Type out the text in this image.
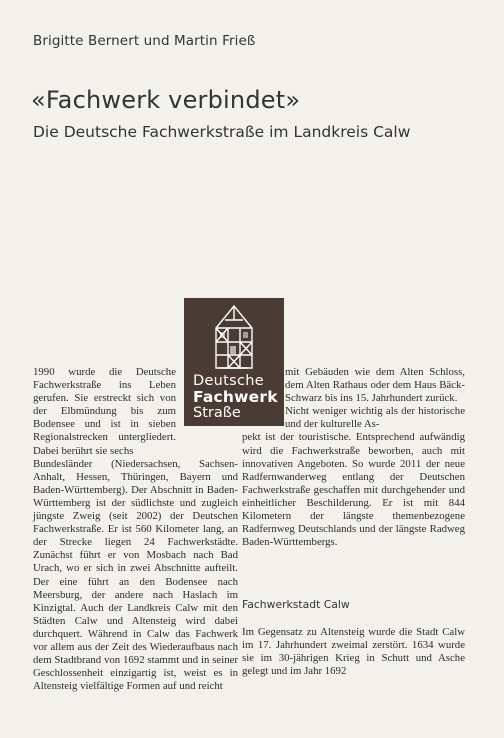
Brigitte Bernert und Martin Frieß
«Fachwerk verbindet»
Die Deutsche Fachwerkstraße im Landkreis Calw
Deutsche
Fachwerk
Straße

1990 wurde die Deutsche Fachwerkstraße ins Leben gerufen. Sie erstreckt sich von der Elbmündung bis zum Bodensee und ist in sieben Regionalstrecken untergliedert. Dabei berührt sie sechs

Bundesländer (Niedersachsen, Sachsen-Anhalt, Hessen, Thüringen, Bayern und Baden-Württemberg). Der Abschnitt in Baden-Württemberg ist der südlichste und zugleich jüngste Zweig (seit 2002) der Deutschen Fachwerkstraße. Er ist 560 Kilometer lang, an der Strecke liegen 24 Fachwerkstädte. Zunächst führt er von Mosbach nach Bad Urach, wo er sich in zwei Abschnitte aufteilt. Der eine führt an den Bodensee nach Meersburg, der andere nach Haslach im Kinzigtal. Auch der Landkreis Calw mit den Städten Calw und Altensteig wird dabei durchquert. Während in Calw das Fachwerk vor allem aus der Zeit des Wiederaufbaus nach dem Stadtbrand von 1692 stammt und in seiner Geschlossenheit einzigartig ist, weist es in Altensteig vielfältige Formen auf und reicht

mit Gebäuden wie dem Alten Schloss, dem Alten Rathaus oder dem Haus Bäck-Schwarz bis ins 15. Jahrhundert zurück.

Nicht weniger wichtig als der historische und der kulturelle As-

pekt ist der touristische. Entsprechend aufwändig wird die Fachwerkstraße beworben, auch mit innovativen Angeboten. So wurde 2011 der neue Radfernwanderweg entlang der Deutschen Fachwerkstraße geschaffen mit durchgehender und einheitlicher Beschilderung. Er ist mit 844 Kilometern der längste themenbezogene Radfernweg Deutschlands und der längste Radweg Baden-Württembergs.

Fachwerkstadt Calw

Im Gegensatz zu Altensteig wurde die Stadt Calw im 17. Jahrhundert zweimal zerstört. 1634 wurde sie im 30-jährigen Krieg in Schutt und Asche gelegt und im Jahr 1692
